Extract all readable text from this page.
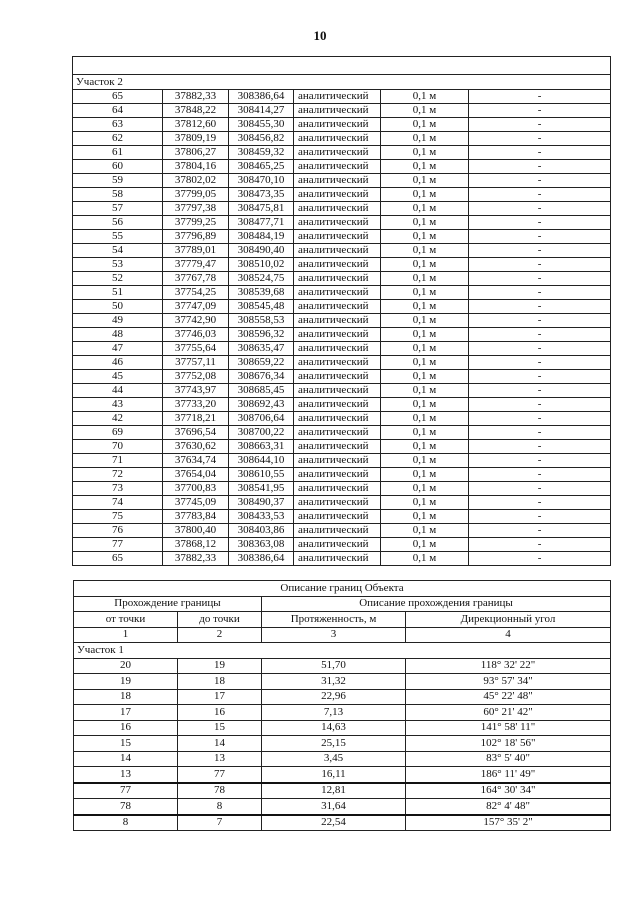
10

Участок 2					
65	37882,33	308386,64	аналитический	0,1 м	-
64	37848,22	308414,27	аналитический	0,1 м	-
63	37812,60	308455,30	аналитический	0,1 м	-
62	37809,19	308456,82	аналитический	0,1 м	-
61	37806,27	308459,32	аналитический	0,1 м	-
60	37804,16	308465,25	аналитический	0,1 м	-
59	37802,02	308470,10	аналитический	0,1 м	-
58	37799,05	308473,35	аналитический	0,1 м	-
57	37797,38	308475,81	аналитический	0,1 м	-
56	37799,25	308477,71	аналитический	0,1 м	-
55	37796,89	308484,19	аналитический	0,1 м	-
54	37789,01	308490,40	аналитический	0,1 м	-
53	37779,47	308510,02	аналитический	0,1 м	-
52	37767,78	308524,75	аналитический	0,1 м	-
51	37754,25	308539,68	аналитический	0,1 м	-
50	37747,09	308545,48	аналитический	0,1 м	-
49	37742,90	308558,53	аналитический	0,1 м	-
48	37746,03	308596,32	аналитический	0,1 м	-
47	37755,64	308635,47	аналитический	0,1 м	-
46	37757,11	308659,22	аналитический	0,1 м	-
45	37752,08	308676,34	аналитический	0,1 м	-
44	37743,97	308685,45	аналитический	0,1 м	-
43	37733,20	308692,43	аналитический	0,1 м	-
42	37718,21	308706,64	аналитический	0,1 м	-
69	37696,54	308700,22	аналитический	0,1 м	-
70	37630,62	308663,31	аналитический	0,1 м	-
71	37634,74	308644,10	аналитический	0,1 м	-
72	37654,04	308610,55	аналитический	0,1 м	-
73	37700,83	308541,95	аналитический	0,1 м	-
74	37745,09	308490,37	аналитический	0,1 м	-
75	37783,84	308433,53	аналитический	0,1 м	-
76	37800,40	308403,86	аналитический	0,1 м	-
77	37868,12	308363,08	аналитический	0,1 м	-
65	37882,33	308386,64	аналитический	0,1 м	-
Описание границ Объекта			
Прохождение границы		Описание прохождения границы	
от точки	до точки	Протяженность, м	Дирекционный угол
1	2	3	4
Участок 1			
20	19	51,70	118° 32' 22"
19	18	31,32	93° 57' 34"
18	17	22,96	45° 22' 48"
17	16	7,13	60° 21' 42"
16	15	14,63	141° 58' 11"
15	14	25,15	102° 18' 56"
14	13	3,45	83° 5' 40"
13	77	16,11	186° 11' 49"
77	78	12,81	164° 30' 34"
78	8	31,64	82° 4' 48"
8	7	22,54	157° 35' 2"
